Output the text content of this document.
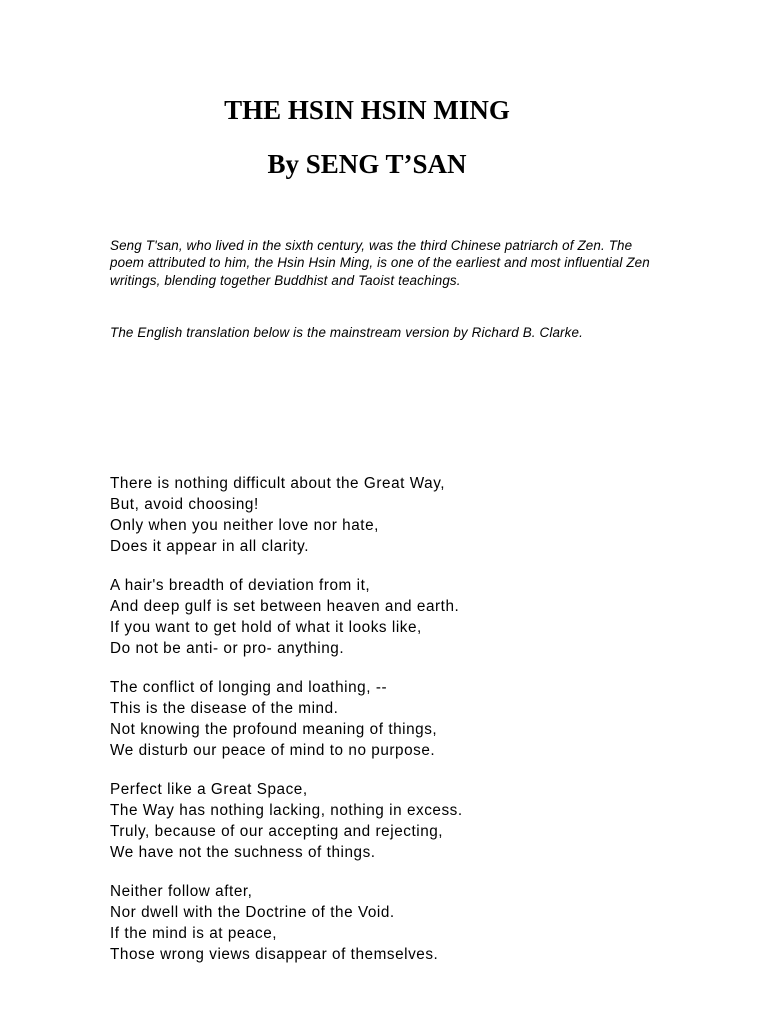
THE HSIN HSIN MING
By SENG T’SAN

Seng T'san, who lived in the sixth century, was the third Chinese patriarch of Zen. The poem attributed to him, the Hsin Hsin Ming, is one of the earliest and most influential Zen writings, blending together Buddhist and Taoist teachings.

The English translation below is the mainstream version by Richard B. Clarke.

There is nothing difficult about the Great Way,
But, avoid choosing!
Only when you neither love nor hate,
Does it appear in all clarity.
A hair's breadth of deviation from it,
And deep gulf is set between heaven and earth.
If you want to get hold of what it looks like,
Do not be anti- or pro- anything.
The conflict of longing and loathing, --
This is the disease of the mind.
Not knowing the profound meaning of things,
We disturb our peace of mind to no purpose.
Perfect like a Great Space,
The Way has nothing lacking, nothing in excess.
Truly, because of our accepting and rejecting,
We have not the suchness of things.
Neither follow after,
Nor dwell with the Doctrine of the Void.
If the mind is at peace,
Those wrong views disappear of themselves.
